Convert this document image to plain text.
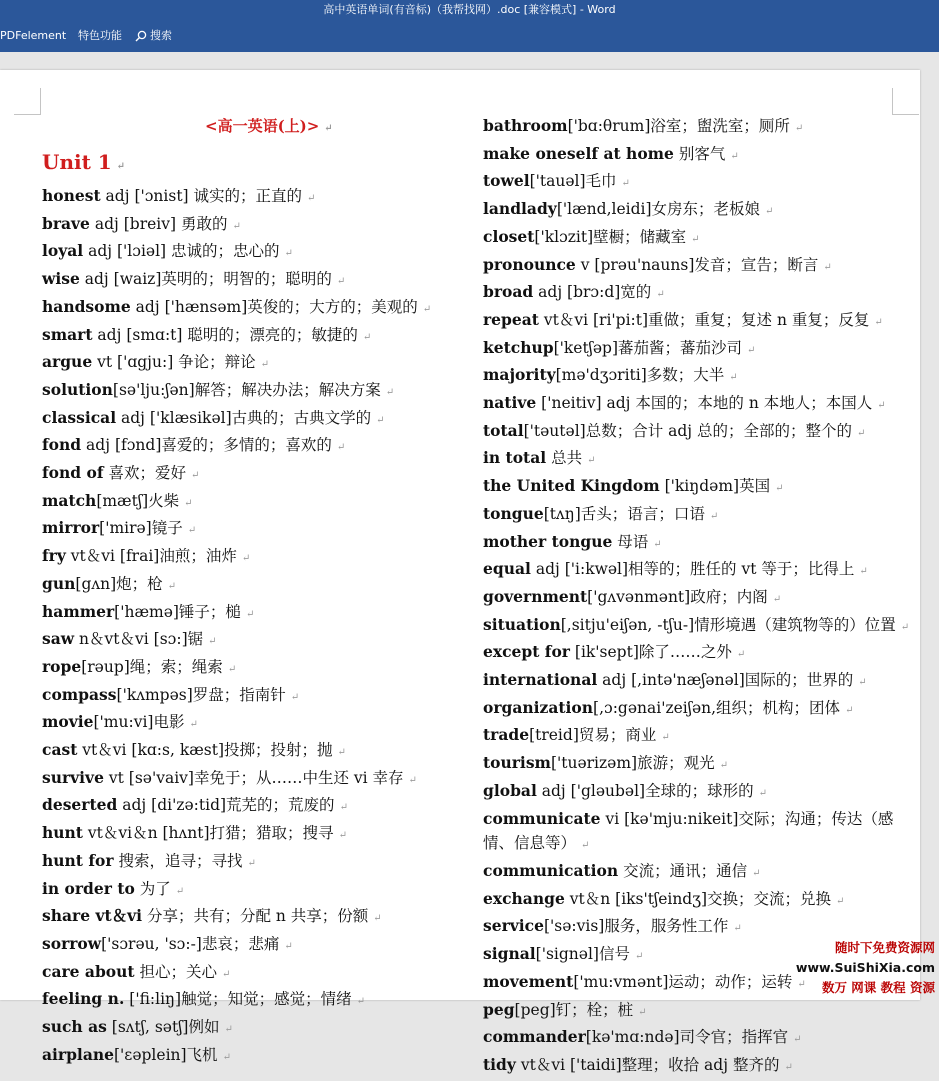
高中英语单词(有音标)（我帮找网）.doc [兼容模式] - Word
PDFelement 特色功能	搜索
<高一英语(上)> ↵
Unit 1 ↵
honest adj ['ɔnist] 诚实的；正直的 ↵
brave adj [breiv] 勇敢的 ↵
loyal adj ['lɔiəl] 忠诚的；忠心的 ↵
wise adj [waiz]英明的；明智的；聪明的 ↵
handsome adj ['hænsəm]英俊的；大方的；美观的 ↵
smart adj [smɑ:t] 聪明的；漂亮的；敏捷的 ↵
argue vt ['ɑgju:] 争论；辩论 ↵
solution[sə'lju:ʃən]解答；解决办法；解决方案 ↵
classical adj ['klæsikəl]古典的；古典文学的 ↵
fond adj [fɔnd]喜爱的；多情的；喜欢的 ↵
fond of 喜欢；爱好 ↵
match[mætʃ]火柴 ↵
mirror['mirə]镜子 ↵
fry vt＆vi [frai]油煎；油炸 ↵
gun[gʌn]炮；枪 ↵
hammer['hæmə]锤子；槌 ↵
saw n＆vt＆vi [sɔ:]锯 ↵
rope[rəup]绳；索；绳索 ↵
compass['kʌmpəs]罗盘；指南针 ↵
movie['mu:vi]电影 ↵
cast vt＆vi [kɑ:s, kæst]投掷；投射；抛 ↵
survive vt [sə'vaiv]幸免于；从……中生还 vi 幸存 ↵
deserted adj [di'zə:tid]荒芜的；荒废的 ↵
hunt vt＆vi＆n [hʌnt]打猎；猎取；搜寻 ↵
hunt for 搜索，追寻；寻找 ↵
in order to 为了 ↵
share vt＆vi 分享；共有；分配 n 共享；份额 ↵
sorrow['sɔrəu, 'sɔ:-]悲哀；悲痛 ↵
care about 担心；关心 ↵
feeling n. ['fi:liŋ]触觉；知觉；感觉；情绪 ↵
such as [sʌtʃ, sətʃ]例如 ↵
airplane['ɛəplein]飞机 ↵
bathroom['bɑ:θrum]浴室；盥洗室；厕所 ↵
make oneself at home 别客气 ↵
towel['tauəl]毛巾 ↵
landlady['lænd,leidi]女房东；老板娘 ↵
closet['klɔzit]壁橱；储藏室 ↵
pronounce v [prəu'nauns]发音；宣告；断言 ↵
broad adj [brɔ:d]宽的 ↵
repeat vt＆vi [ri'pi:t]重做；重复；复述 n 重复；反复 ↵
ketchup['ketʃəp]蕃茄酱；蕃茄沙司 ↵
majority[mə'dʒɔriti]多数；大半 ↵
native ['neitiv] adj 本国的；本地的 n 本地人；本国人 ↵
total['təutəl]总数；合计 adj 总的；全部的；整个的 ↵
in total 总共 ↵
the United Kingdom ['kiŋdəm]英国 ↵
tongue[tʌŋ]舌头；语言；口语 ↵
mother tongue 母语 ↵
equal adj ['i:kwəl]相等的；胜任的 vt 等于；比得上 ↵
government['gʌvənmənt]政府；内阁 ↵
situation[,sitju'eiʃən, -tʃu-]情形境遇（建筑物等的）位置 ↵
except for [ik'sept]除了……之外 ↵
international adj [,intə'næʃənəl]国际的；世界的 ↵
organization[,ɔ:gənai'zeiʃən,组织；机构；团体 ↵
trade[treid]贸易；商业 ↵
tourism['tuərizəm]旅游；观光 ↵
global adj ['gləubəl]全球的；球形的 ↵
communicate vi [kə'mju:nikeit]交际；沟通；传达（感情、信息等） ↵
communication 交流；通讯；通信 ↵
exchange vt＆n [iks'tʃeindʒ]交换；交流；兑换 ↵
service['sə:vis]服务，服务性工作 ↵
signal['signəl]信号 ↵
movement['mu:vmənt]运动；动作；运转 ↵
peg[peg]钉；栓；桩 ↵
commander[kə'mɑ:ndə]司令官；指挥官 ↵
tidy vt＆vi ['taidi]整理；收拾 adj 整齐的 ↵
随时下免费资源网
www.SuiShiXia.com
数万 网课 教程 资源
